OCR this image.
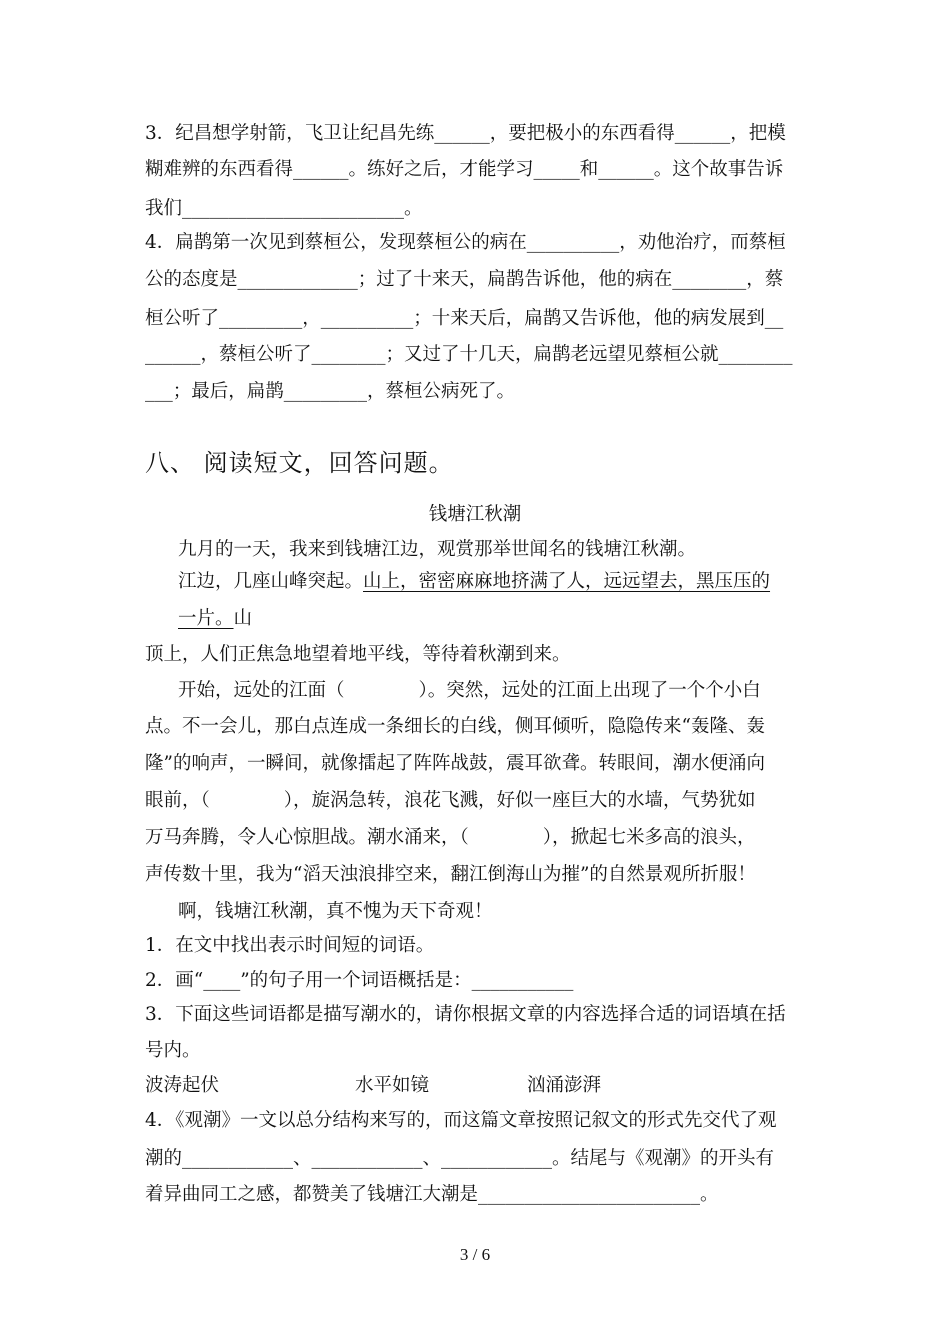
3．纪昌想学射箭，飞卫让纪昌先练______，要把极小的东西看得______，把模
糊难辨的东西看得______。练好之后，才能学习_____和______。这个故事告诉
我们________________________。
4．扁鹊第一次见到蔡桓公，发现蔡桓公的病在__________，劝他治疗，而蔡桓
公的态度是_____________；过了十来天，扁鹊告诉他，他的病在________，蔡
桓公听了_________，__________；十来天后，扁鹊又告诉他，他的病发展到__
______，蔡桓公听了________；又过了十几天，扁鹊老远望见蔡桓公就________
___；最后，扁鹊_________，蔡桓公病死了。
八、 阅读短文，回答问题。
钱塘江秋潮
九月的一天，我来到钱塘江边，观赏那举世闻名的钱塘江秋潮。
江边，几座山峰突起。山上，密密麻麻地挤满了人，远远望去，黑压压的
一片。山
顶上，人们正焦急地望着地平线，等待着秋潮到来。
开始，远处的江面（　　　　）。突然，远处的江面上出现了一个个小白
点。不一会儿，那白点连成一条细长的白线，侧耳倾听，隐隐传来“轰隆、轰
隆”的响声，一瞬间，就像擂起了阵阵战鼓，震耳欲聋。转眼间，潮水便涌向
眼前，（　　　　），旋涡急转，浪花飞溅，好似一座巨大的水墙，气势犹如
万马奔腾，令人心惊胆战。潮水涌来，（　　　　），掀起七米多高的浪头，
声传数十里，我为“滔天浊浪排空来，翻江倒海山为摧”的自然景观所折服！
啊，钱塘江秋潮，真不愧为天下奇观！
1．在文中找出表示时间短的词语。
2．画“____”的句子用一个词语概括是：___________
3．下面这些词语都是描写潮水的，请你根据文章的内容选择合适的词语填在括
号内。
波涛起伏	水平如镜	汹涌澎湃
4．《观潮》一文以总分结构来写的，而这篇文章按照记叙文的形式先交代了观
潮的____________、____________、____________。结尾与《观潮》的开头有
着异曲同工之感，都赞美了钱塘江大潮是________________________。
3 / 6
